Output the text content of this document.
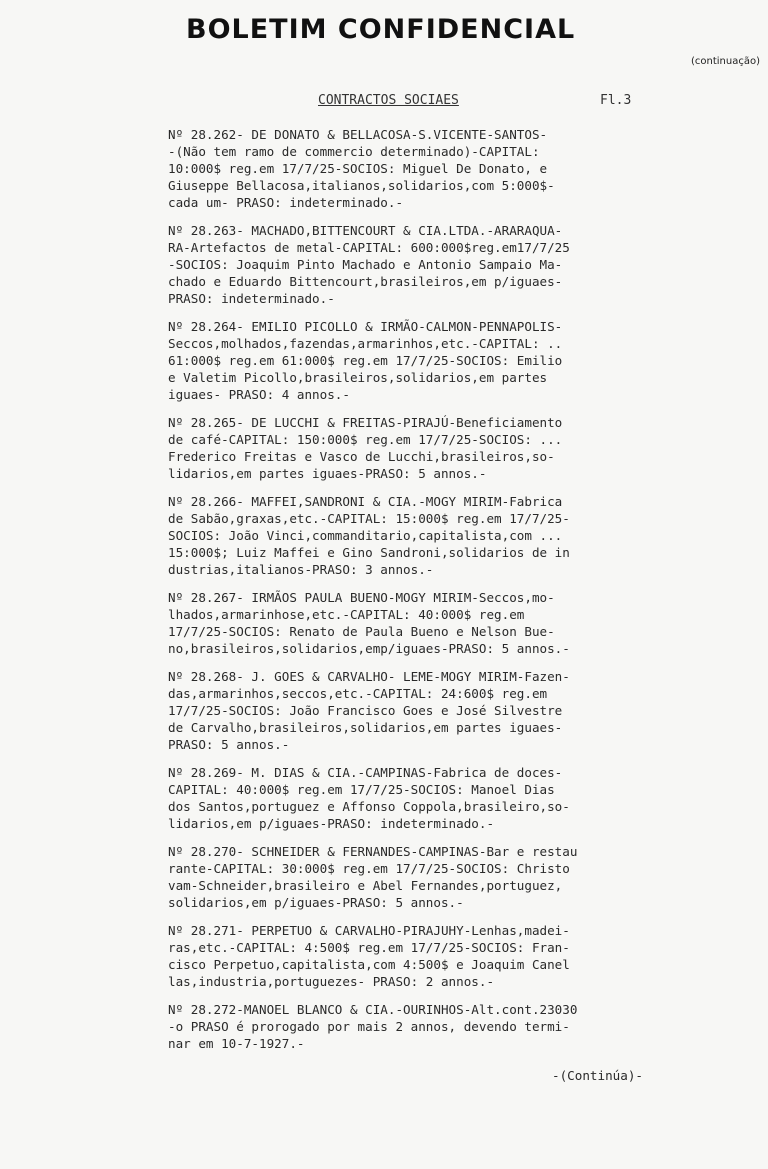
BOLETIM CONFIDENCIAL
(continuação)
CONTRACTOS SOCIAES	Fl.3
Nº 28.262- DE DONATO & BELLACOSA-S.VICENTE-SANTOS-
-(Não tem ramo de commercio determinado)-CAPITAL:
10:000$ reg.em 17/7/25-SOCIOS: Miguel De Donato, e
Giuseppe Bellacosa,italianos,solidarios,com 5:000$-
cada um- PRASO: indeterminado.-
Nº 28.263- MACHADO,BITTENCOURT & CIA.LTDA.-ARARAQUA-
RA-Artefactos de metal-CAPITAL: 600:000$reg.em17/7/25
-SOCIOS: Joaquim Pinto Machado e Antonio Sampaio Ma-
chado e Eduardo Bittencourt,brasileiros,em p/iguaes-
PRASO: indeterminado.-
Nº 28.264- EMILIO PICOLLO & IRMÃO-CALMON-PENNAPOLIS-
Seccos,molhados,fazendas,armarinhos,etc.-CAPITAL: ..
61:000$ reg.em 61:000$ reg.em 17/7/25-SOCIOS: Emilio
e Valetim Picollo,brasileiros,solidarios,em partes
iguaes- PRASO: 4 annos.-
Nº 28.265- DE LUCCHI & FREITAS-PIRAJÚ-Beneficiamento
de café-CAPITAL: 150:000$ reg.em 17/7/25-SOCIOS: ...
Frederico Freitas e Vasco de Lucchi,brasileiros,so-
lidarios,em partes iguaes-PRASO: 5 annos.-
Nº 28.266- MAFFEI,SANDRONI & CIA.-MOGY MIRIM-Fabrica
de Sabão,graxas,etc.-CAPITAL: 15:000$ reg.em 17/7/25-
SOCIOS: João Vinci,commanditario,capitalista,com ...
15:000$; Luiz Maffei e Gino Sandroni,solidarios de in
dustrias,italianos-PRASO: 3 annos.-
Nº 28.267- IRMÃOS PAULA BUENO-MOGY MIRIM-Seccos,mo-
lhados,armarinhose,etc.-CAPITAL: 40:000$ reg.em
17/7/25-SOCIOS: Renato de Paula Bueno e Nelson Bue-
no,brasileiros,solidarios,emp/iguaes-PRASO: 5 annos.-
Nº 28.268- J. GOES & CARVALHO- LEME-MOGY MIRIM-Fazen-
das,armarinhos,seccos,etc.-CAPITAL: 24:600$ reg.em
17/7/25-SOCIOS: João Francisco Goes e José Silvestre
de Carvalho,brasileiros,solidarios,em partes iguaes-
PRASO: 5 annos.-
Nº 28.269- M. DIAS & CIA.-CAMPINAS-Fabrica de doces-
CAPITAL: 40:000$ reg.em 17/7/25-SOCIOS: Manoel Dias
dos Santos,portuguez e Affonso Coppola,brasileiro,so-
lidarios,em p/iguaes-PRASO: indeterminado.-
Nº 28.270- SCHNEIDER & FERNANDES-CAMPINAS-Bar e restau
rante-CAPITAL: 30:000$ reg.em 17/7/25-SOCIOS: Christo
vam-Schneider,brasileiro e Abel Fernandes,portuguez,
solidarios,em p/iguaes-PRASO: 5 annos.-
Nº 28.271- PERPETUO & CARVALHO-PIRAJUHY-Lenhas,madei-
ras,etc.-CAPITAL: 4:500$ reg.em 17/7/25-SOCIOS: Fran-
cisco Perpetuo,capitalista,com 4:500$ e Joaquim Canel
las,industria,portuguezes- PRASO: 2 annos.-
Nº 28.272-MANOEL BLANCO & CIA.-OURINHOS-Alt.cont.23030
-o PRASO é prorogado por mais 2 annos, devendo termi-
nar em 10-7-1927.-
-(Continúa)-
